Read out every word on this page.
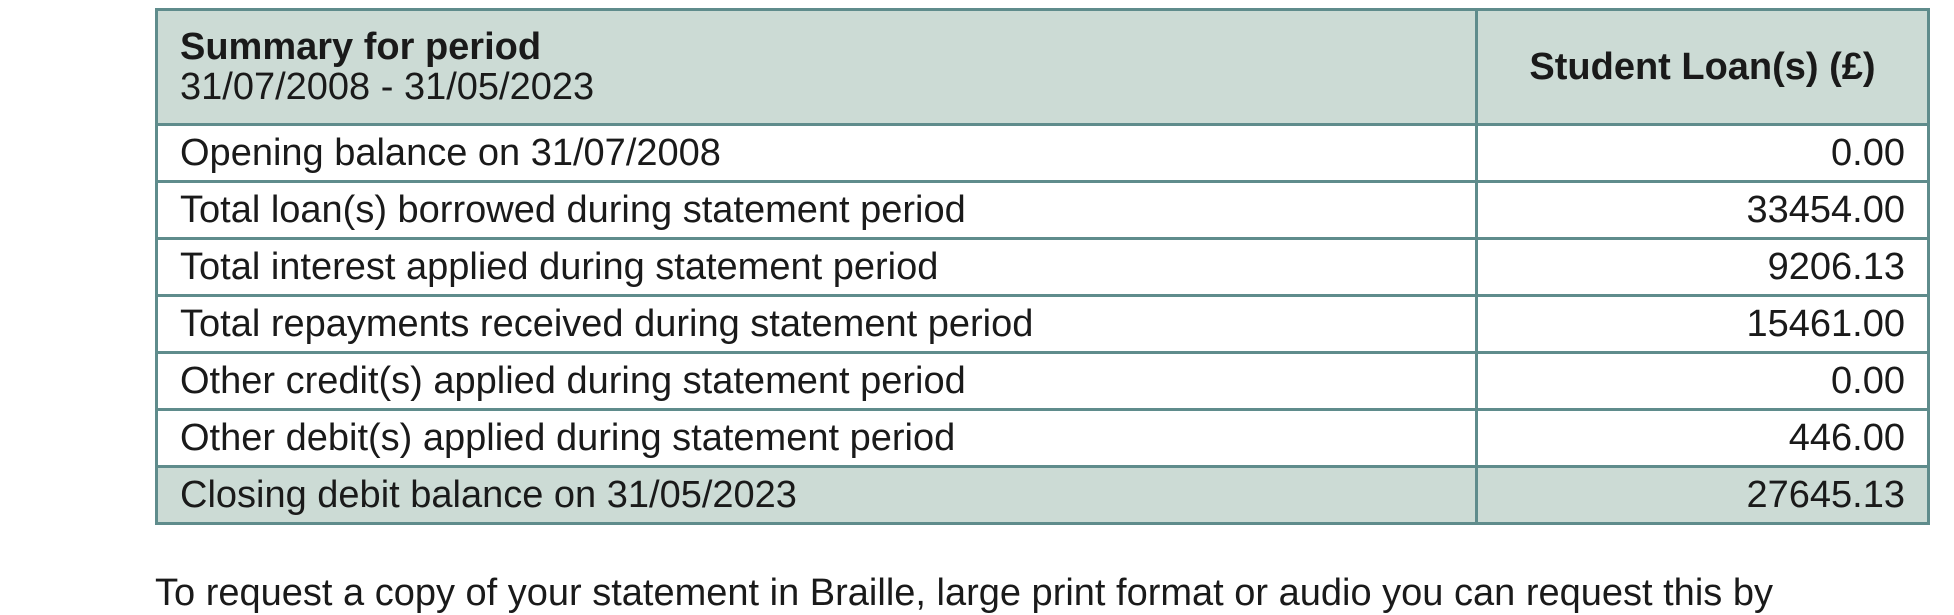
Summary for period
31/07/2008 - 31/05/2023	Student Loan(s) (£)
Opening balance on 31/07/2008	0.00
Total loan(s) borrowed during statement period	33454.00
Total interest applied during statement period	9206.13
Total repayments received during statement period	15461.00
Other credit(s) applied during statement period	0.00
Other debit(s) applied during statement period	446.00
Closing debit balance on 31/05/2023	27645.13
To request a copy of your statement in Braille, large print format or audio you can request this by
